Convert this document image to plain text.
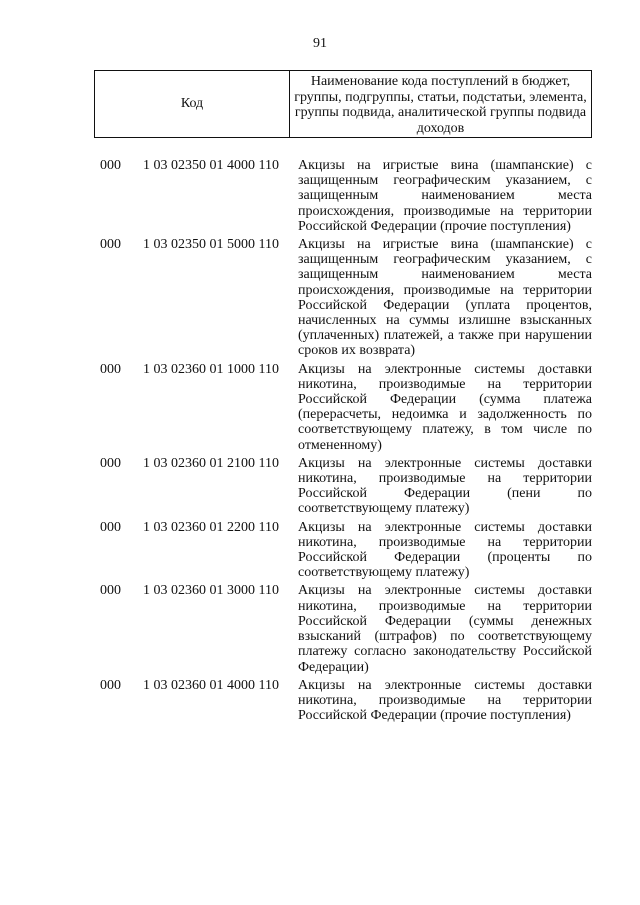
91
Код
Наименование кода поступлений в бюджет, группы, подгруппы, статьи, подстатьи, элемента, группы подвида, аналитической группы подвида доходов
000	1 03 02350 01 4000 110	Акцизы на игристые вина (шампанские) с защищенным географическим указанием, с защищенным наименованием места происхождения, производимые на территории Российской Федерации (прочие поступления)
000	1 03 02350 01 5000 110	Акцизы на игристые вина (шампанские) с защищенным географическим указанием, с защищенным наименованием места происхождения, производимые на территории Российской Федерации (уплата процентов, начисленных на суммы излишне взысканных (уплаченных) платежей, а также при нарушении сроков их возврата)
000	1 03 02360 01 1000 110	Акцизы на электронные системы доставки никотина, производимые на территории Российской Федерации (сумма платежа (перерасчеты, недоимка и задолженность по соответствующему платежу, в том числе по отмененному)
000	1 03 02360 01 2100 110	Акцизы на электронные системы доставки никотина, производимые на территории Российской Федерации (пени по соответствующему платежу)
000	1 03 02360 01 2200 110	Акцизы на электронные системы доставки никотина, производимые на территории Российской Федерации (проценты по соответствующему платежу)
000	1 03 02360 01 3000 110	Акцизы на электронные системы доставки никотина, производимые на территории Российской Федерации (суммы денежных взысканий (штрафов) по соответствующему платежу согласно законодательству Российской Федерации)
000	1 03 02360 01 4000 110	Акцизы на электронные системы доставки никотина, производимые на территории Российской Федерации (прочие поступления)
